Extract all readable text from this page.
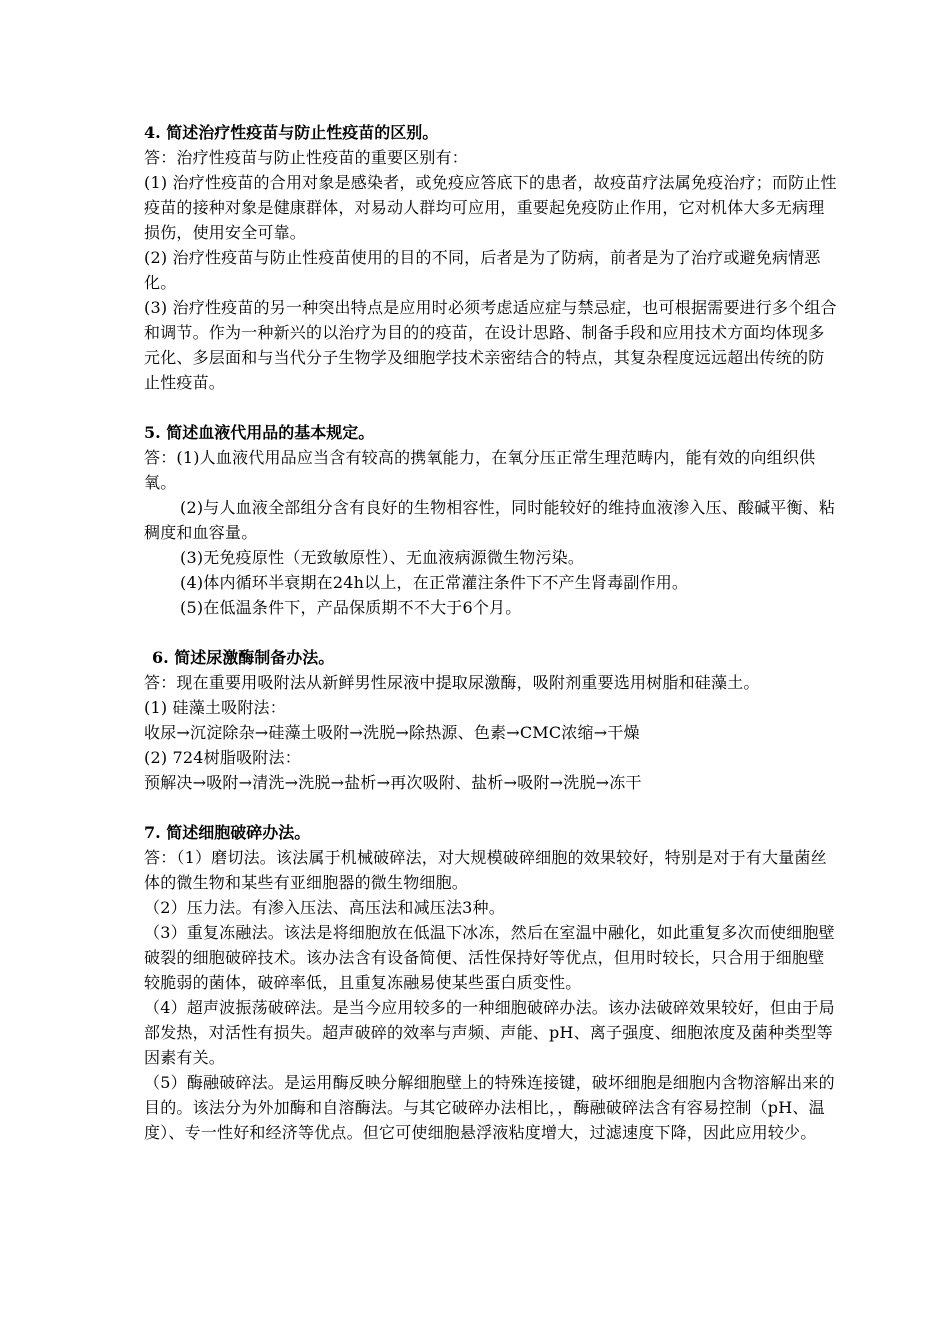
4. 简述治疗性疫苗与防止性疫苗的区别。

答：治疗性疫苗与防止性疫苗的重要区别有：

(1) 治疗性疫苗的合用对象是感染者，或免疫应答底下的患者，故疫苗疗法属免疫治疗；而防止性疫苗的接种对象是健康群体，对易动人群均可应用，重要起免疫防止作用，它对机体大多无病理损伤，使用安全可靠。

(2) 治疗性疫苗与防止性疫苗使用的目的不同，后者是为了防病，前者是为了治疗或避免病情恶化。

(3) 治疗性疫苗的另一种突出特点是应用时必须考虑适应症与禁忌症，也可根据需要进行多个组合和调节。作为一种新兴的以治疗为目的的疫苗，在设计思路、制备手段和应用技术方面均体现多元化、多层面和与当代分子生物学及细胞学技术亲密结合的特点，其复杂程度远远超出传统的防止性疫苗。

5. 简述血液代用品的基本规定。

答：(1)人血液代用品应当含有较高的携氧能力，在氧分压正常生理范畴内，能有效的向组织供氧。

(2)与人血液全部组分含有良好的生物相容性，同时能较好的维持血液渗入压、酸碱平衡、粘稠度和血容量。

(3)无免疫原性（无致敏原性）、无血液病源微生物污染。

(4)体内循环半衰期在24h以上，在正常灌注条件下不产生肾毒副作用。

(5)在低温条件下，产品保质期不不大于6个月。

6. 简述尿激酶制备办法。

答：现在重要用吸附法从新鲜男性尿液中提取尿激酶，吸附剂重要选用树脂和硅藻土。

(1) 硅藻土吸附法：

收尿→沉淀除杂→硅藻土吸附→洗脱→除热源、色素→CMC浓缩→干燥

(2) 724树脂吸附法：

预解决→吸附→清洗→洗脱→盐析→再次吸附、盐析→吸附→洗脱→冻干

7. 简述细胞破碎办法。

答：（1）磨切法。该法属于机械破碎法，对大规模破碎细胞的效果较好，特别是对于有大量菌丝体的微生物和某些有亚细胞器的微生物细胞。

（2）压力法。有渗入压法、高压法和减压法3种。

（3）重复冻融法。该法是将细胞放在低温下冰冻，然后在室温中融化，如此重复多次而使细胞壁破裂的细胞破碎技术。该办法含有设备简便、活性保持好等优点，但用时较长，只合用于细胞壁较脆弱的菌体，破碎率低，且重复冻融易使某些蛋白质变性。

（4）超声波振荡破碎法。是当今应用较多的一种细胞破碎办法。该办法破碎效果较好，但由于局部发热，对活性有损失。超声破碎的效率与声频、声能、pH、离子强度、细胞浓度及菌种类型等因素有关。

（5）酶融破碎法。是运用酶反映分解细胞壁上的特殊连接键，破坏细胞是细胞内含物溶解出来的目的。该法分为外加酶和自溶酶法。与其它破碎办法相比，，酶融破碎法含有容易控制（pH、温度）、专一性好和经济等优点。但它可使细胞悬浮液粘度增大，过滤速度下降，因此应用较少。
